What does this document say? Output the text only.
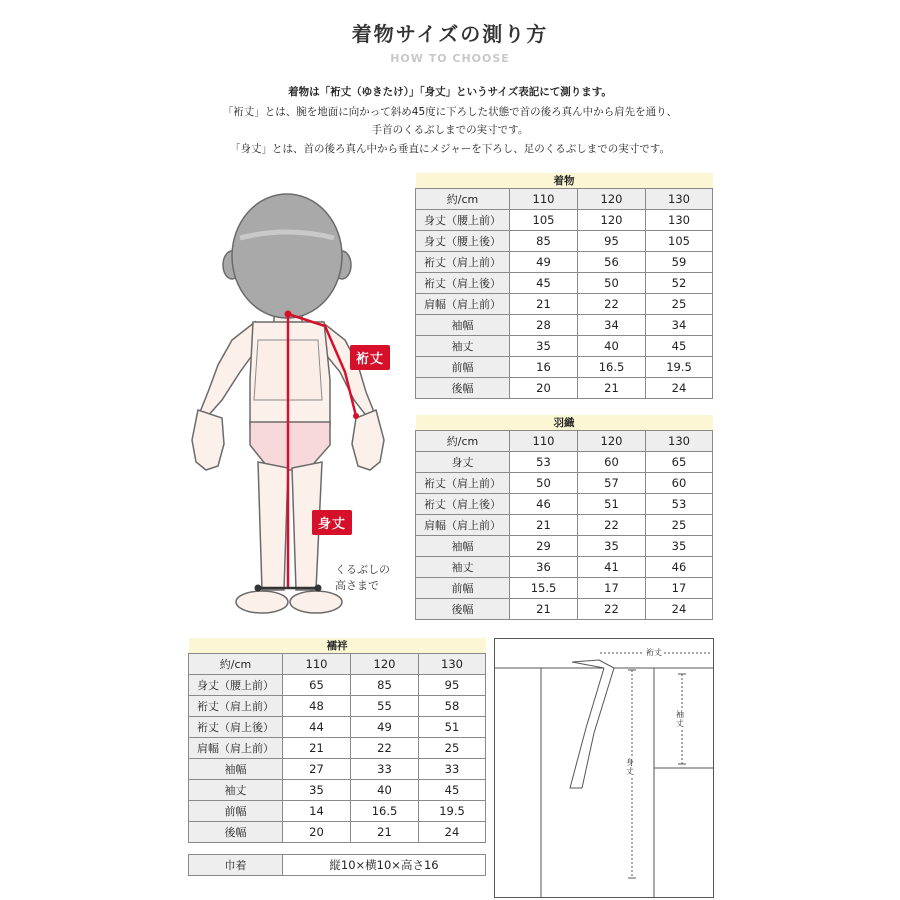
着物サイズの測り方
HOW TO CHOOSE
着物は「裄丈（ゆきたけ）」「身丈」というサイズ表記にて測ります。
「裄丈」とは、腕を地面に向かって斜め45度に下ろした状態で首の後ろ真ん中から肩先を通り、
手首のくるぶしまでの実寸です。
「身丈」とは、首の後ろ真ん中から垂直にメジャーを下ろし、足のくるぶしまでの実寸です。
裄丈
身丈
くるぶしの
高さまで
着物			
約/cm	110	120	130
身丈（腰上前）	105	120	130
身丈（腰上後）	85	95	105
裄丈（肩上前）	49	56	59
裄丈（肩上後）	45	50	52
肩幅（肩上前）	21	22	25
袖幅	28	34	34
袖丈	35	40	45
前幅	16	16.5	19.5
後幅	20	21	24
羽織			
約/cm	110	120	130
身丈	53	60	65
裄丈（肩上前）	50	57	60
裄丈（肩上後）	46	51	53
肩幅（肩上前）	21	22	25
袖幅	29	35	35
袖丈	36	41	46
前幅	15.5	17	17
後幅	21	22	24
襦袢			
約/cm	110	120	130
身丈（腰上前）	65	85	95
裄丈（肩上前）	48	55	58
裄丈（肩上後）	44	49	51
肩幅（肩上前）	21	22	25
袖幅	27	33	33
袖丈	35	40	45
前幅	14	16.5	19.5
後幅	20	21	24
巾着	縦10×横10×高さ16
裄丈
袖丈
身丈
